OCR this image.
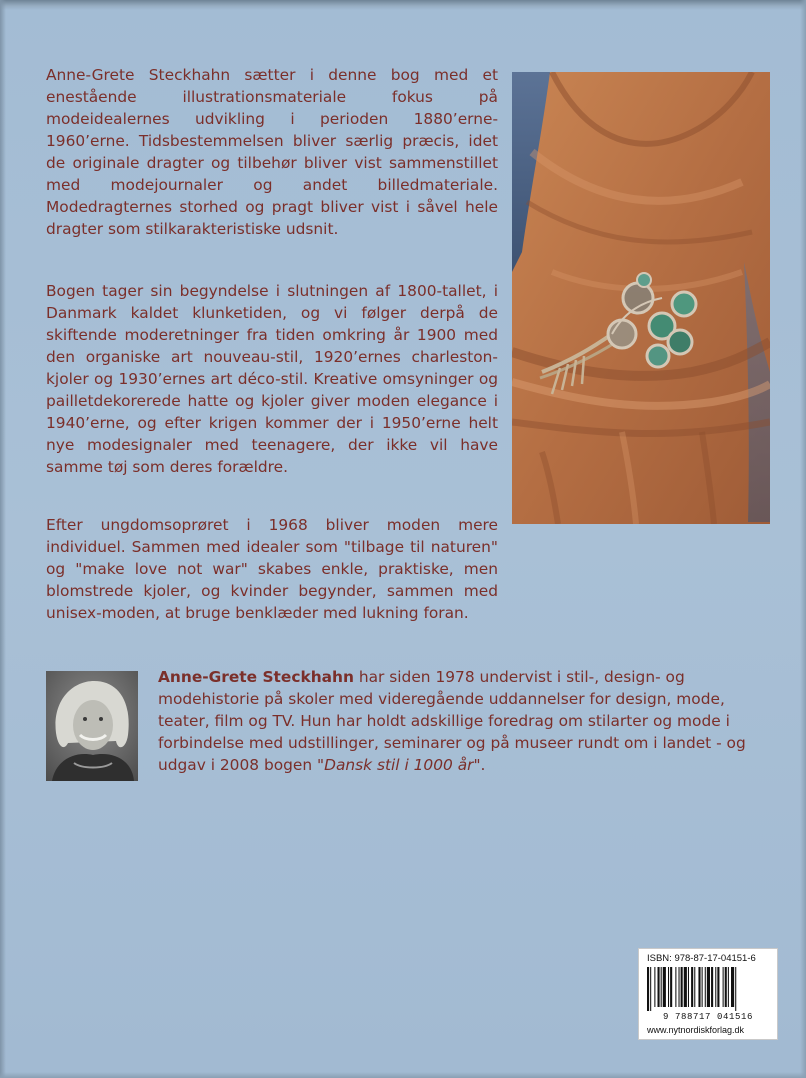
Anne-Grete Steckhahn sætter i denne bog med et enestående illustrationsmateriale fokus på modeidealernes udvikling i perioden 1880’erne-1960’erne. Tidsbestemmelsen bliver særlig præcis, idet de originale dragter og tilbehør bliver vist sammenstillet med modejournaler og andet billedmateriale. Modedragternes storhed og pragt bliver vist i såvel hele dragter som stilkarakteristiske udsnit.

Bogen tager sin begyndelse i slutningen af 1800-tallet, i Danmark kaldet klunketiden, og vi følger derpå de skiftende moderetninger fra tiden omkring år 1900 med den organiske art nouveau-stil, 1920’ernes charleston-kjoler og 1930’ernes art déco-stil. Kreative omsyninger og pailletdekorerede hatte og kjoler giver moden elegance i 1940’erne, og efter krigen kommer der i 1950’erne helt nye modesignaler med teenagere, der ikke vil have samme tøj som deres forældre.

Efter ungdomsoprøret i 1968 bliver moden mere individuel. Sammen med idealer som "tilbage til naturen" og "make love not war" skabes enkle, praktiske, men blomstrede kjoler, og kvinder begynder, sammen med unisex-moden, at bruge benklæder med lukning foran.

Anne-Grete Steckhahn har siden 1978 undervist i stil-, design- og modehistorie på skoler med videregående uddannelser for design, mode, teater, film og TV. Hun har holdt adskillige foredrag om stilarter og mode i forbindelse med udstillinger, seminarer og på museer rundt om i landet - og udgav i 2008 bogen "Dansk stil i 1000 år".

ISBN: 978-87-17-04151-6
9 788717 041516
www.nytnordiskforlag.dk
